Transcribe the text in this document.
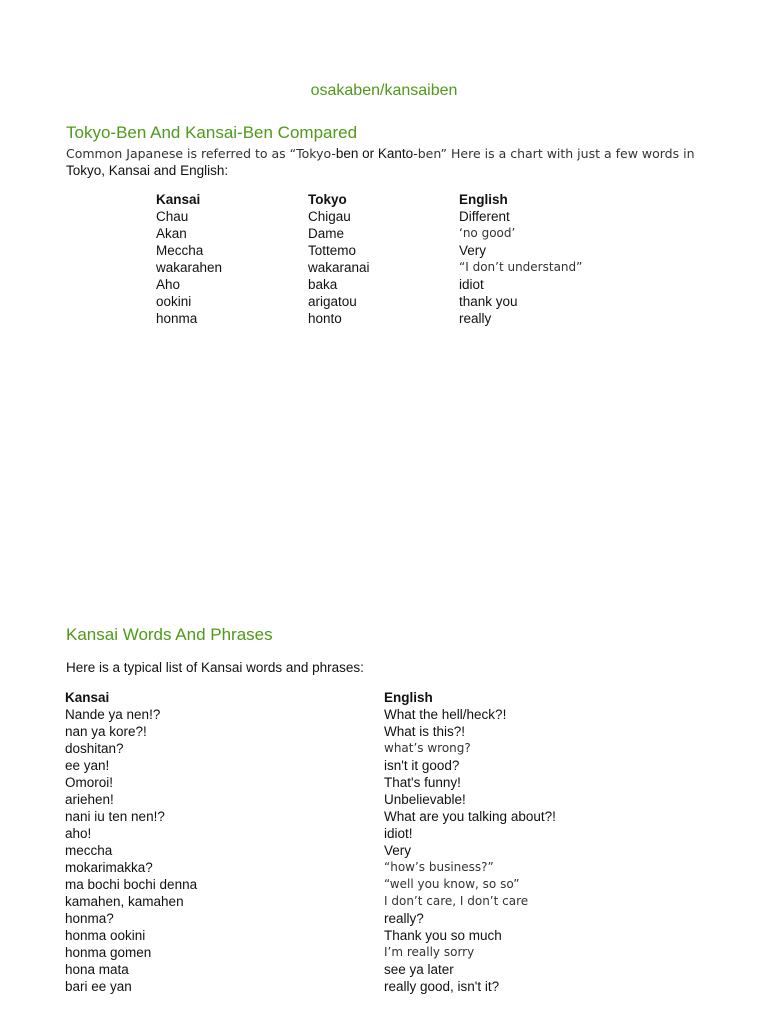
osakaben/kansaiben
Tokyo-Ben And Kansai-Ben Compared

Common Japanese is referred to as “Tokyo-ben or Kanto-ben” Here is a chart with just a few words in
Tokyo, Kansai and English:

Kansai	Tokyo	English
Chau	Chigau	Different
Akan	Dame	‘no good’
Meccha	Tottemo	Very
wakarahen	wakaranai	“I don’t understand”
Aho	baka	idiot
ookini	arigatou	thank you
honma	honto	really
Kansai Words And Phrases

Here is a typical list of Kansai words and phrases:

Kansai	English
Nande ya nen!?	What the hell/heck?!
nan ya kore?!	What is this?!
doshitan?	what’s wrong?
ee yan!	isn't it good?
Omoroi!	That's funny!
ariehen!	Unbelievable!
nani iu ten nen!?	What are you talking about?!
aho!	idiot!
meccha	Very
mokarimakka?	“how’s business?”
ma bochi bochi denna	“well you know, so so”
kamahen, kamahen	I don’t care, I don’t care
honma?	really?
honma ookini	Thank you so much
honma gomen	I’m really sorry
hona mata	see ya later
bari ee yan	really good, isn't it?
